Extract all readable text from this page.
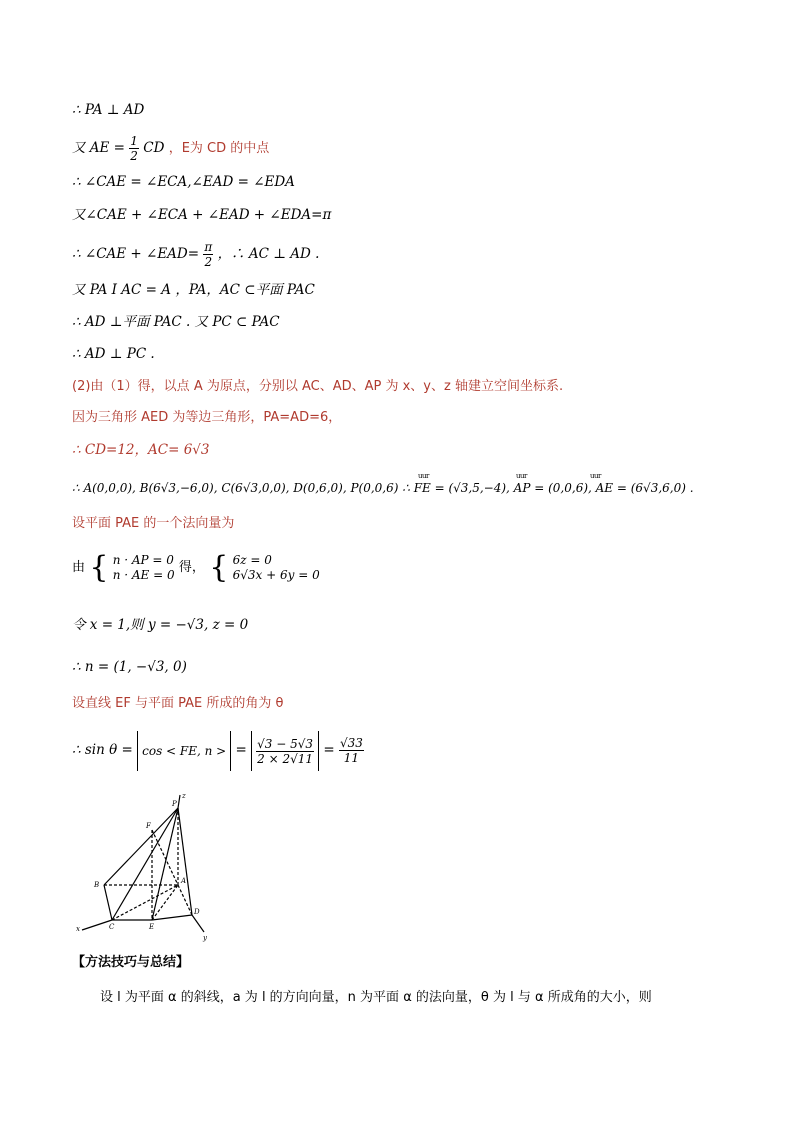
∴ PA ⊥ AD
又 AE = $\frac{1}{2}$ CD ，E为 CD 的中点
∴ ∠CAE = ∠ECA,∠EAD = ∠EDA
又∠CAE + ∠ECA + ∠EAD + ∠EDA=π
∴ ∠CAE + ∠EAD= $\frac{\pi}{2}$ ，∴ AC ⊥ AD .
又 PA I AC = A ，PA，AC ⊂平面 PAC
∴ AD ⊥平面 PAC . 又 PC ⊂ PAC
∴ AD ⊥ PC .
(2)由（1）得，以点 A 为原点，分别以 AC、AD、AP 为 x、y、z 轴建立空间坐标系.
因为三角形 AED 为等边三角形，PA=AD=6，
∴ CD=12，AC= 6√3
∴ A(0,0,0), B(6√3,−6,0), C(6√3,0,0), D(0,6,0), P(0,0,6) ∴ FE = (√3,5,−4), AP = (0,0,6), AE = (6√3,6,0) .
uur	uur	uur
设平面 PAE 的一个法向量为
由 { n · AP = 0
n · AE = 0 得， { 6z = 0
6√3x + 6y = 0
令 x = 1,则 y = −√3, z = 0
∴ n = (1, −√3, 0)
设直线 EF 与平面 PAE 所成的角为 θ
∴ sin θ = cos < FE, n > = $\frac{√3 - 5√3}{2 \times 2√11} = \frac{√33}{11}$
P
F
B	A
C	E
D
x
y
z
【方法技巧与总结】
设 l 为平面 α 的斜线，a 为 l 的方向向量，n 为平面 α 的法向量，θ 为 l 与 α 所成角的大小，则
